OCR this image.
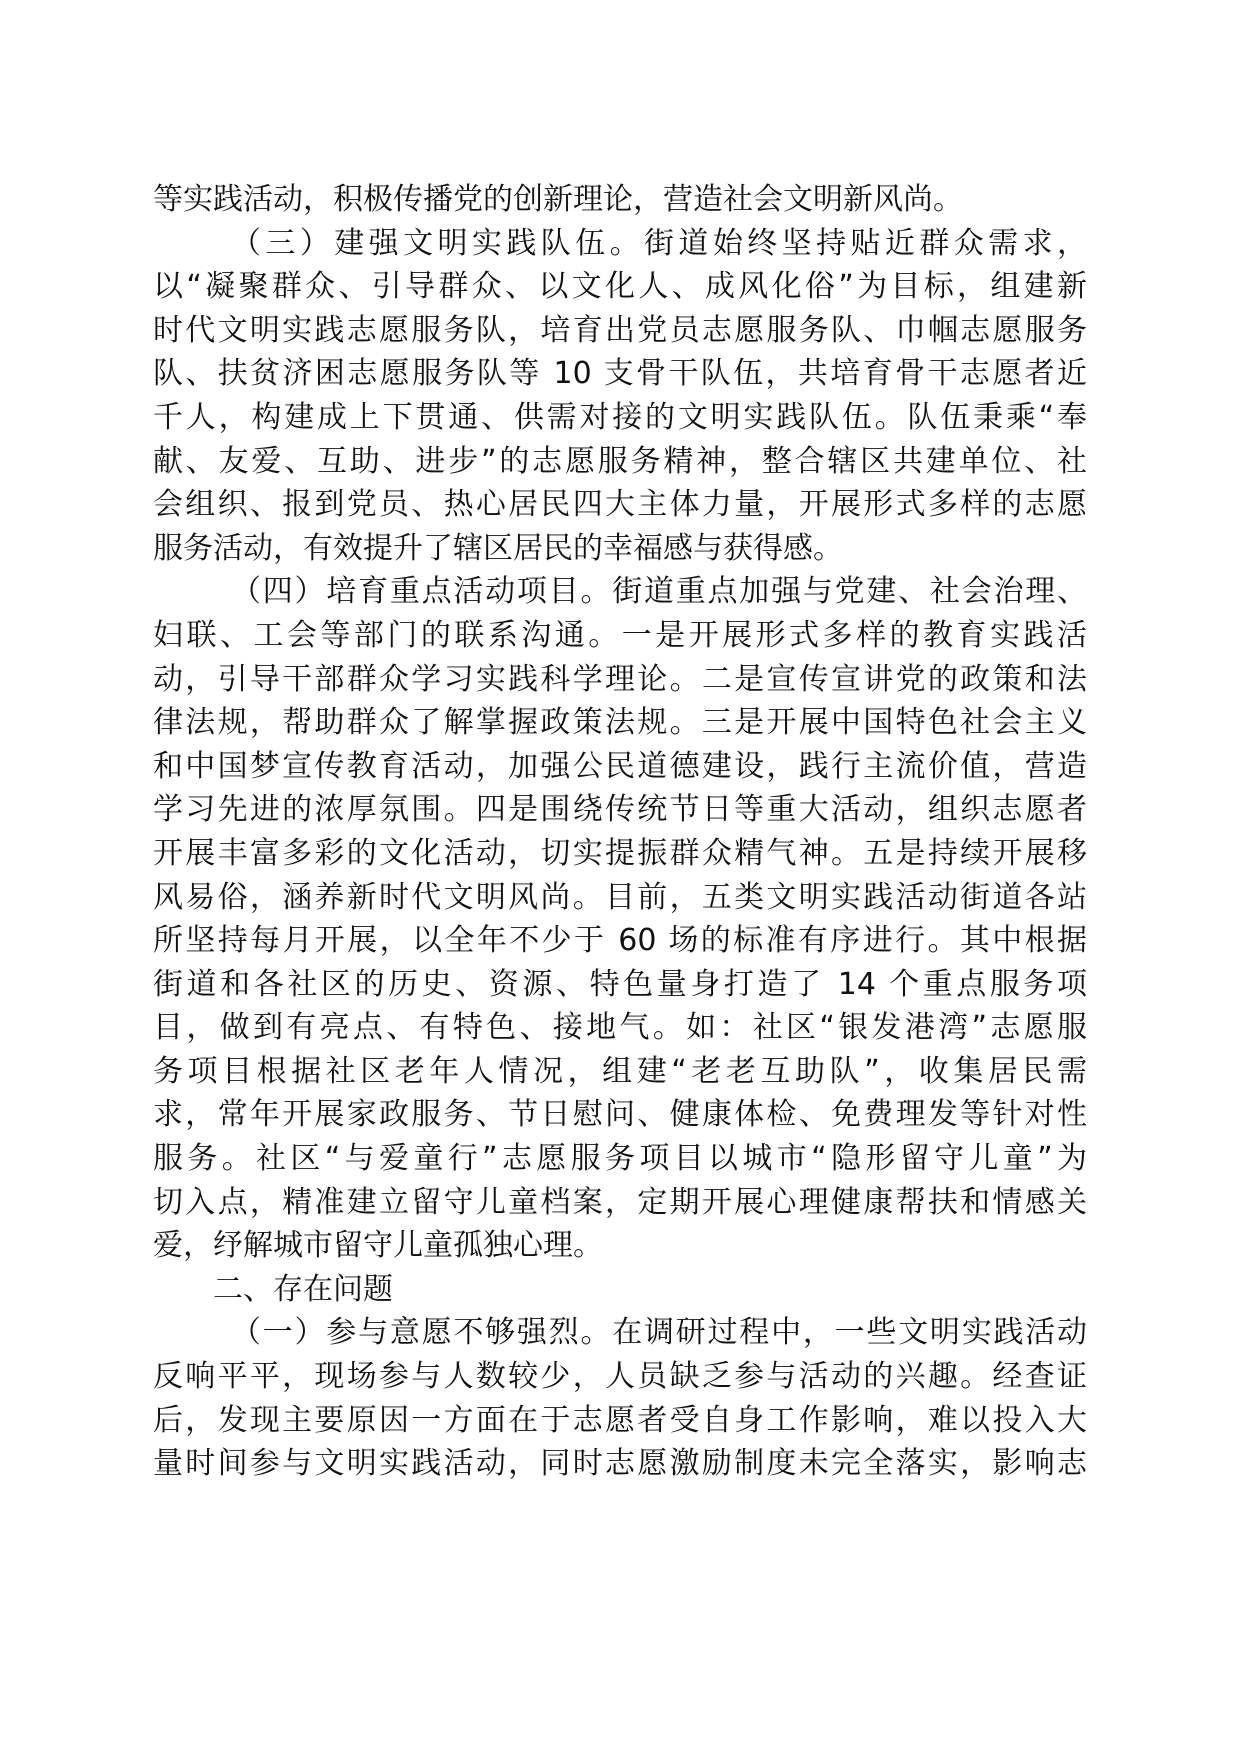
等实践活动，积极传播党的创新理论，营造社会文明新风尚。
（三）建强文明实践队伍。街道始终坚持贴近群众需求，
以“凝聚群众、引导群众、以文化人、成风化俗”为目标，组建新
时代文明实践志愿服务队，培育出党员志愿服务队、巾帼志愿服务
队、扶贫济困志愿服务队等 10 支骨干队伍，共培育骨干志愿者近
千人，构建成上下贯通、供需对接的文明实践队伍。队伍秉乘“奉
献、友爱、互助、进步”的志愿服务精神，整合辖区共建单位、社
会组织、报到党员、热心居民四大主体力量，开展形式多样的志愿
服务活动，有效提升了辖区居民的幸福感与获得感。
（四）培育重点活动项目。街道重点加强与党建、社会治理、
妇联、工会等部门的联系沟通。一是开展形式多样的教育实践活
动，引导干部群众学习实践科学理论。二是宣传宣讲党的政策和法
律法规，帮助群众了解掌握政策法规。三是开展中国特色社会主义
和中国梦宣传教育活动，加强公民道德建设，践行主流价值，营造
学习先进的浓厚氛围。四是围绕传统节日等重大活动，组织志愿者
开展丰富多彩的文化活动，切实提振群众精气神。五是持续开展移
风易俗，涵养新时代文明风尚。目前，五类文明实践活动街道各站
所坚持每月开展，以全年不少于 60 场的标准有序进行。其中根据
街道和各社区的历史、资源、特色量身打造了 14 个重点服务项
目，做到有亮点、有特色、接地气。如：社区“银发港湾”志愿服
务项目根据社区老年人情况，组建“老老互助队”，收集居民需
求，常年开展家政服务、节日慰问、健康体检、免费理发等针对性
服务。社区“与爱童行”志愿服务项目以城市“隐形留守儿童”为
切入点，精准建立留守儿童档案，定期开展心理健康帮扶和情感关
爱，纾解城市留守儿童孤独心理。
二、存在问题
（一）参与意愿不够强烈。在调研过程中，一些文明实践活动
反响平平，现场参与人数较少，人员缺乏参与活动的兴趣。经查证
后，发现主要原因一方面在于志愿者受自身工作影响，难以投入大
量时间参与文明实践活动，同时志愿激励制度未完全落实，影响志
